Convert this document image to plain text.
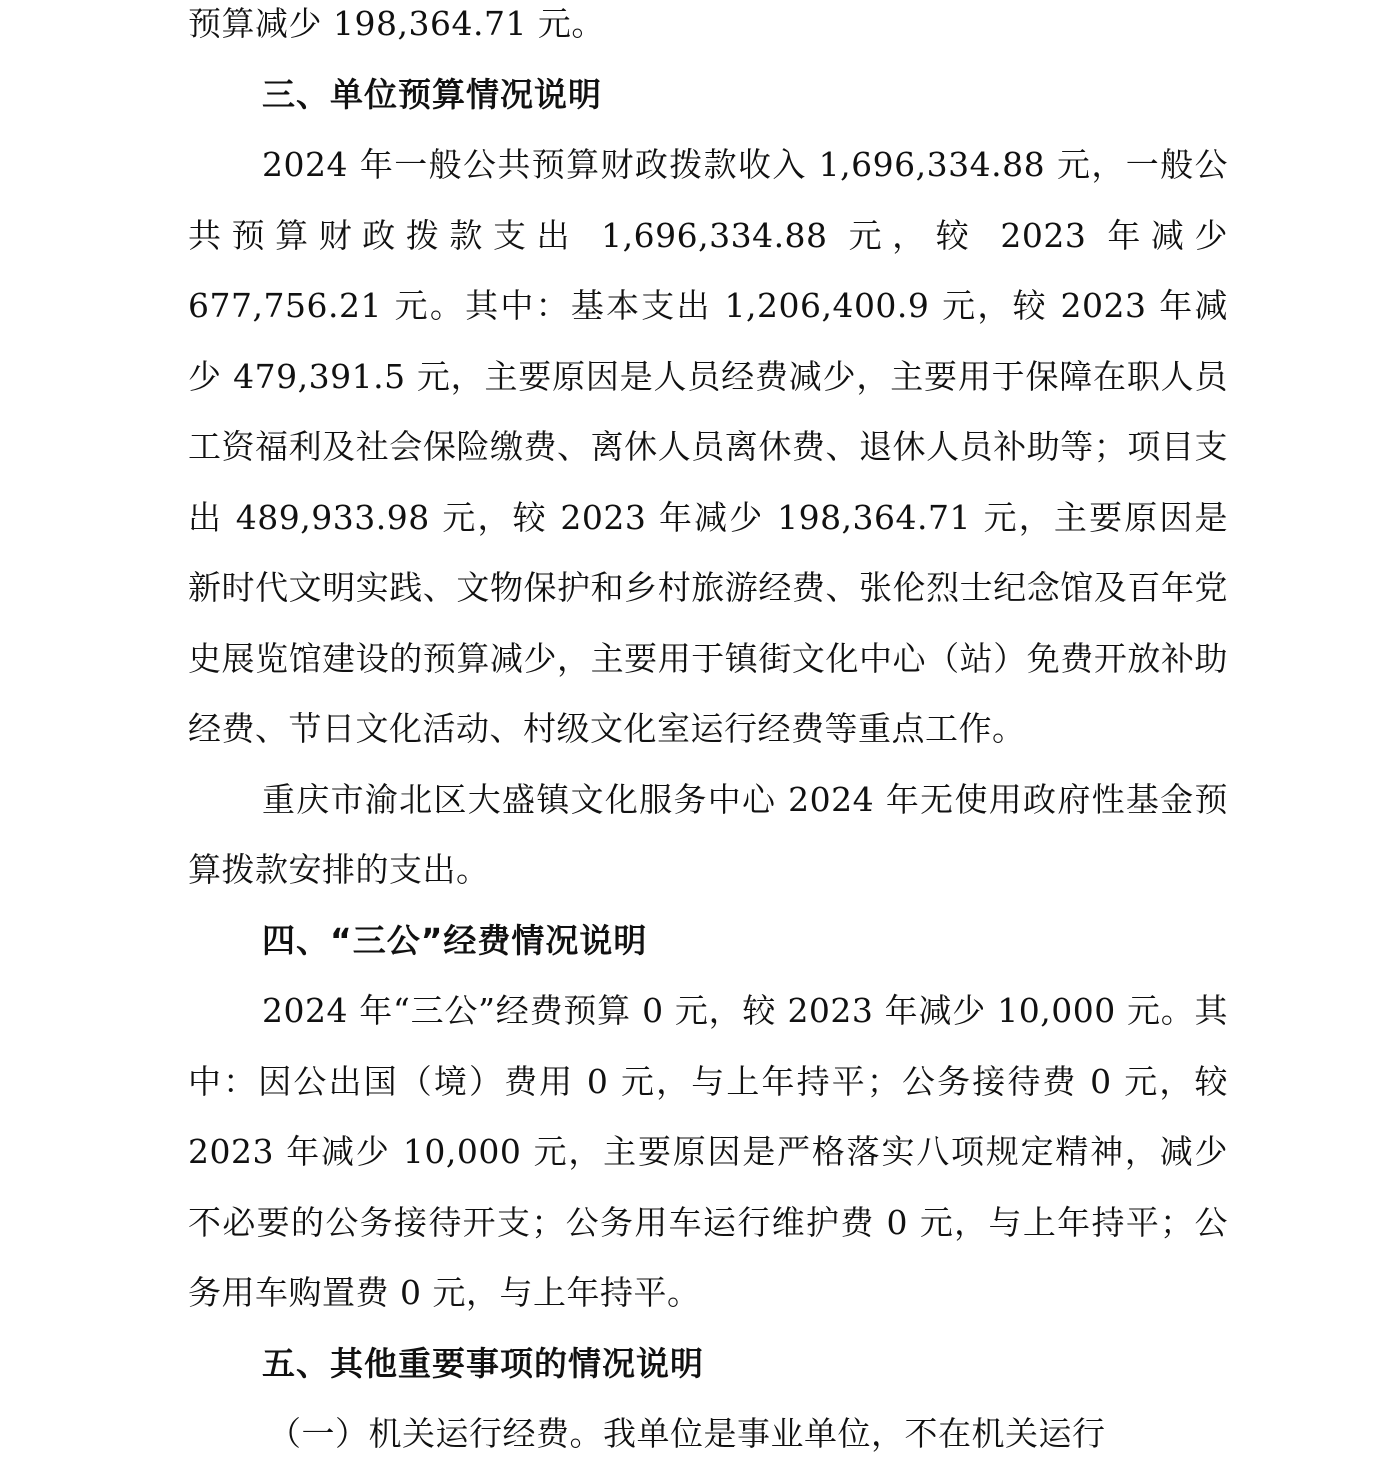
预算减少 198,364.71 元。

三、单位预算情况说明

2024 年一般公共预算财政拨款收入 1,696,334.88 元，一般公共预算财政拨款支出 1,696,334.88 元，较 2023 年减少 677,756.21 元。其中：基本支出 1,206,400.9 元，较 2023 年减少 479,391.5 元，主要原因是人员经费减少，主要用于保障在职人员工资福利及社会保险缴费、离休人员离休费、退休人员补助等；项目支出 489,933.98 元，较 2023 年减少 198,364.71 元，主要原因是新时代文明实践、文物保护和乡村旅游经费、张伦烈士纪念馆及百年党史展览馆建设的预算减少，主要用于镇街文化中心（站）免费开放补助经费、节日文化活动、村级文化室运行经费等重点工作。

重庆市渝北区大盛镇文化服务中心 2024 年无使用政府性基金预算拨款安排的支出。

四、“三公”经费情况说明

2024 年“三公”经费预算 0 元，较 2023 年减少 10,000 元。其中：因公出国（境）费用 0 元，与上年持平；公务接待费 0 元，较 2023 年减少 10,000 元，主要原因是严格落实八项规定精神，减少不必要的公务接待开支；公务用车运行维护费 0 元，与上年持平；公务用车购置费 0 元，与上年持平。

五、其他重要事项的情况说明

（一）机关运行经费。我单位是事业单位，不在机关运行
